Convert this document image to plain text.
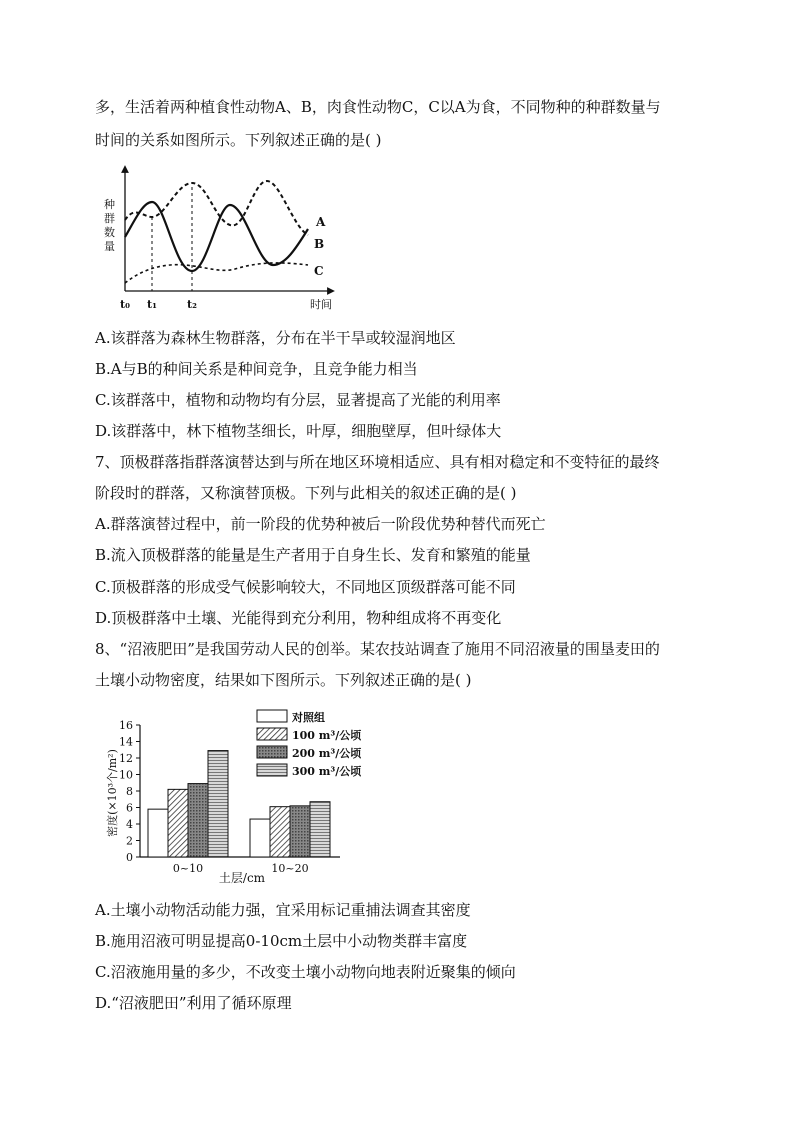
多，生活着两种植食性动物A、B，肉食性动物C，C以A为食，不同物种的种群数量与
时间的关系如图所示。下列叙述正确的是( )
种
群
数
量
A
B
C
t₀ t₁	t₂	时间
A.该群落为森林生物群落，分布在半干旱或较湿润地区
B.A与B的种间关系是种间竞争，且竞争能力相当
C.该群落中，植物和动物均有分层，显著提高了光能的利用率
D.该群落中，林下植物茎细长，叶厚，细胞壁厚，但叶绿体大
7、顶极群落指群落演替达到与所在地区环境相适应、具有相对稳定和不变特征的最终
阶段时的群落，又称演替顶极。下列与此相关的叙述正确的是( )
A.群落演替过程中，前一阶段的优势种被后一阶段优势种替代而死亡
B.流入顶极群落的能量是生产者用于自身生长、发育和繁殖的能量
C.顶极群落的形成受气候影响较大，不同地区顶级群落可能不同
D.顶极群落中土壤、光能得到充分利用，物种组成将不再变化
8、“沼液肥田”是我国劳动人民的创举。某农技站调查了施用不同沼液量的围垦麦田的
土壤小动物密度，结果如下图所示。下列叙述正确的是( )
0
2
4
6
8
10
12
14
16
0~10	10~20
对照组
100 m³/公顷
200 m³/公顷
300 m³/公顷
密度(×10³个/m²)
土层/cm
A.土壤小动物活动能力强，宜采用标记重捕法调查其密度
B.施用沼液可明显提高0-10cm土层中小动物类群丰富度
C.沼液施用量的多少，不改变土壤小动物向地表附近聚集的倾向
D.“沼液肥田”利用了循环原理
